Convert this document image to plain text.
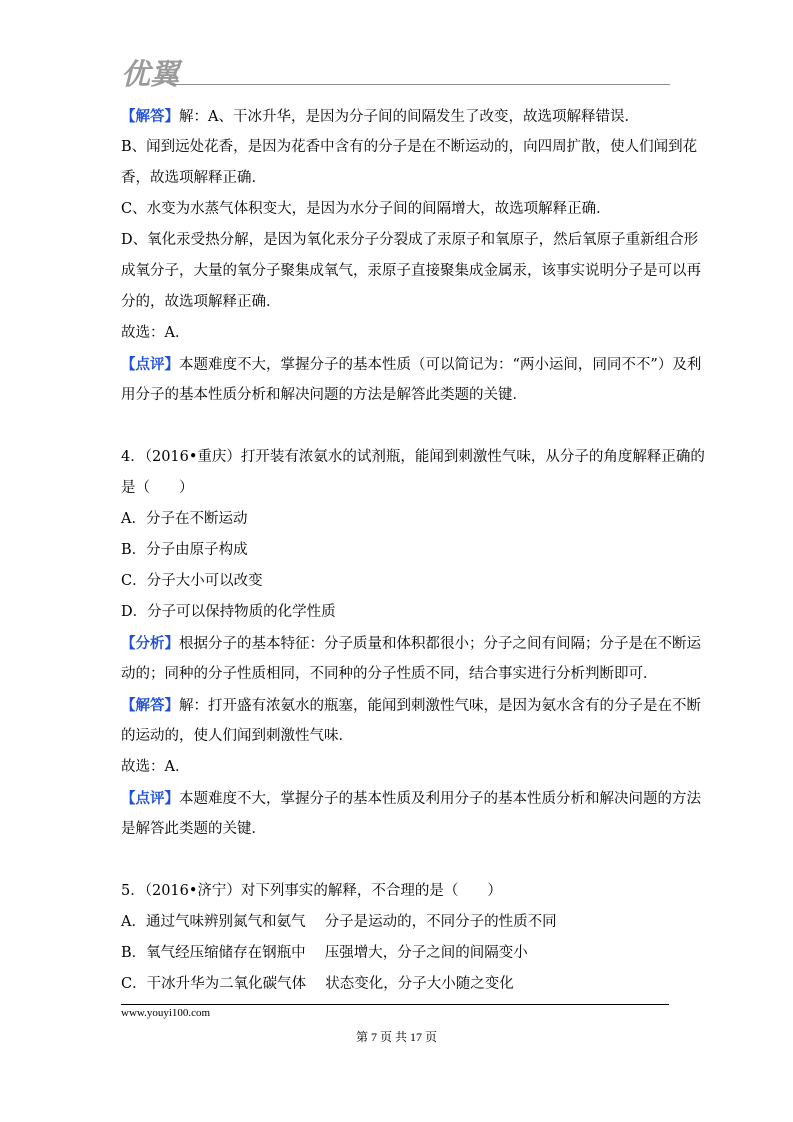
优翼
【解答】解：A、干冰升华，是因为分子间的间隔发生了改变，故选项解释错误．
B、闻到远处花香，是因为花香中含有的分子是在不断运动的，向四周扩散，使人们闻到花
香，故选项解释正确．
C、水变为水蒸气体积变大，是因为水分子间的间隔增大，故选项解释正确．
D、氧化汞受热分解，是因为氧化汞分子分裂成了汞原子和氧原子，然后氧原子重新组合形
成氧分子，大量的氧分子聚集成氧气，汞原子直接聚集成金属汞，该事实说明分子是可以再
分的，故选项解释正确．
故选：A．
【点评】本题难度不大，掌握分子的基本性质（可以简记为：“两小运间，同同不不”）及利
用分子的基本性质分析和解决问题的方法是解答此类题的关键．
4．（2016•重庆）打开装有浓氨水的试剂瓶，能闻到刺激性气味，从分子的角度解释正确的
是（　　）
A．分子在不断运动
B．分子由原子构成
C．分子大小可以改变
D．分子可以保持物质的化学性质
【分析】根据分子的基本特征：分子质量和体积都很小；分子之间有间隔；分子是在不断运
动的；同种的分子性质相同，不同种的分子性质不同，结合事实进行分析判断即可．
【解答】解：打开盛有浓氨水的瓶塞，能闻到刺激性气味，是因为氨水含有的分子是在不断
的运动的，使人们闻到刺激性气味．
故选：A．
【点评】本题难度不大，掌握分子的基本性质及利用分子的基本性质分析和解决问题的方法
是解答此类题的关键．
5．（2016•济宁）对下列事实的解释，不合理的是（　　）
A．通过气味辨别氮气和氨气　 分子是运动的，不同分子的性质不同
B．氧气经压缩储存在钢瓶中　 压强增大，分子之间的间隔变小
C．干冰升华为二氧化碳气体　 状态变化，分子大小随之变化
www.youyi100.com
第 7 页 共 17 页
